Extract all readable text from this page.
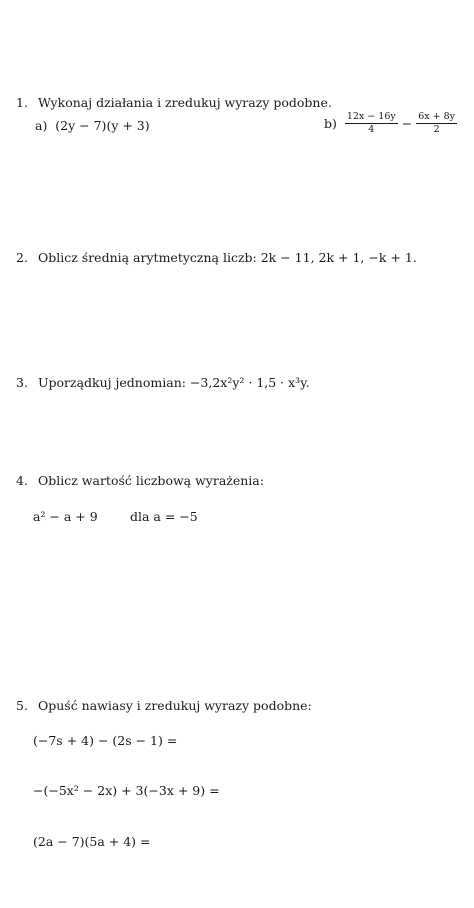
1. Wykonaj działania i zredukuj wyrazy podobne.
a) (2y − 7)(y + 3)	$b) \frac{12x - 16y}{4} - \frac{6x + 8y}{2}$
2. Oblicz średnią arytmetyczną liczb: 2k − 11, 2k + 1, −k + 1.
3. Uporządkuj jednomian: −3,2x²y² · 1,5 · x³y.
4. Oblicz wartość liczbową wyrażenia:
a² − a + 9	dla a = −5
5. Opuść nawiasy i zredukuj wyrazy podobne:
(−7s + 4) − (2s − 1) =
−(−5x² − 2x) + 3(−3x + 9) =
(2a − 7)(5a + 4) =
